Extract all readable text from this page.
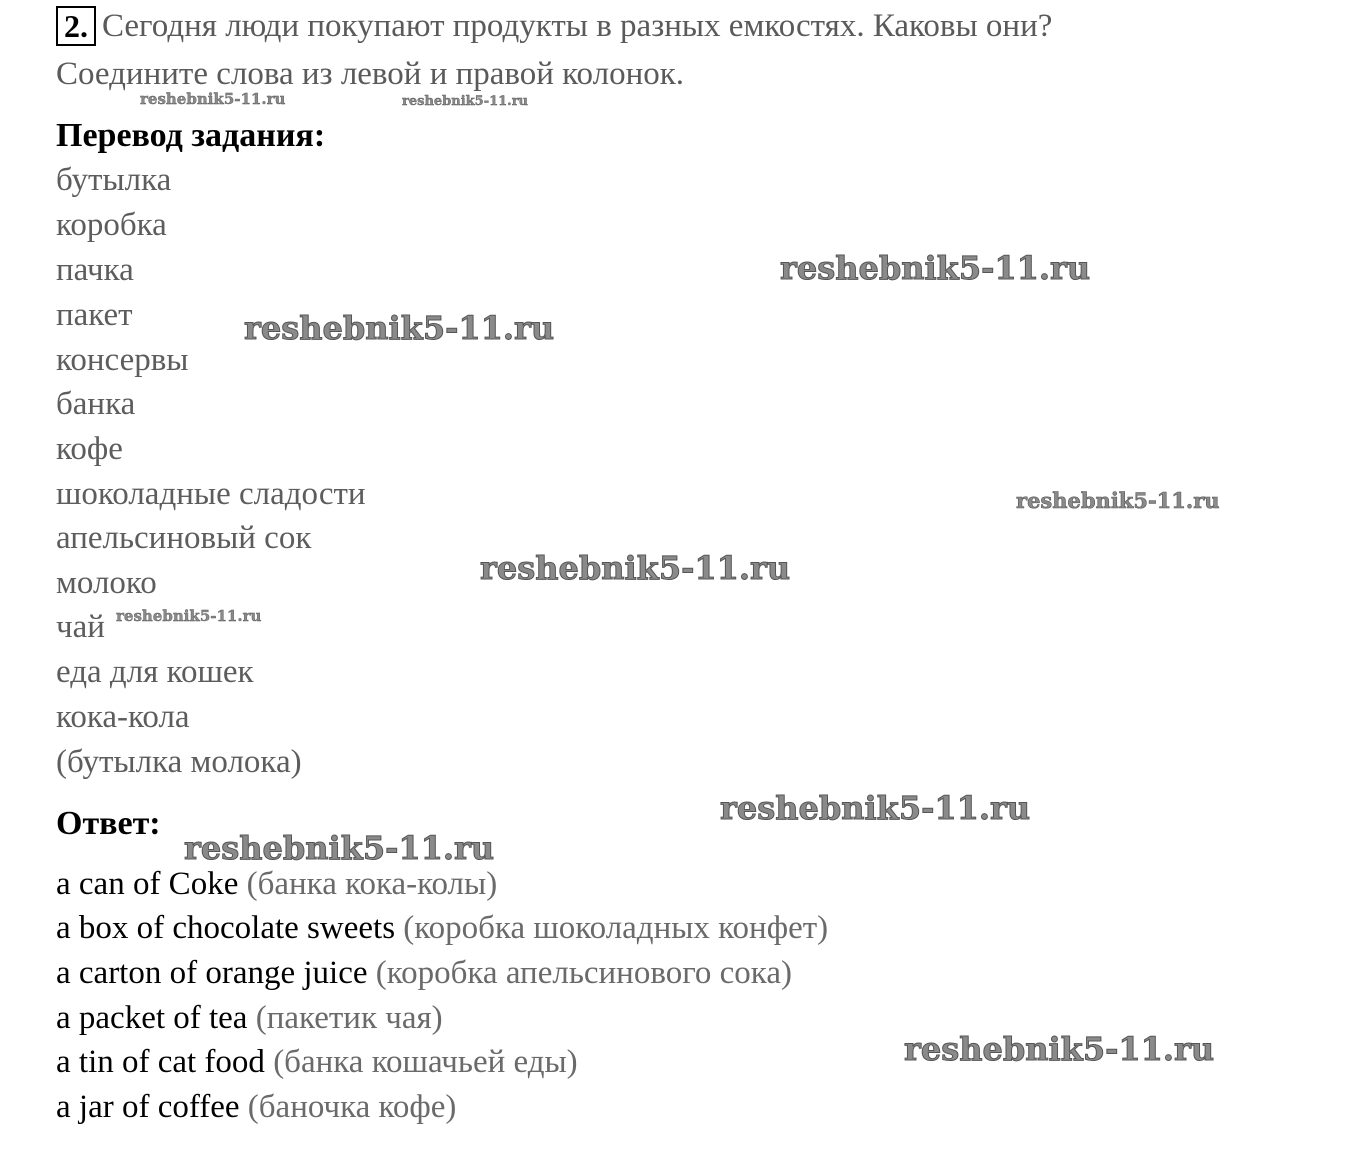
2. Сегодня люди покупают продукты в разных емкостях. Каковы они?
Соедините слова из левой и правой колонок.
Перевод задания:
бутылка
коробка
пачка
пакет
консервы
банка
кофе
шоколадные сладости
апельсиновый сок
молоко
чай
еда для кошек
кока-кола
(бутылка молока)
Ответ:
a can of Coke (банка кока-колы)
a box of chocolate sweets (коробка шоколадных конфет)
a carton of orange juice (коробка апельсинового сока)
a packet of tea (пакетик чая)
a tin of cat food (банка кошачьей еды)
a jar of coffee (баночка кофе)
reshebnik5-11.ru	reshebnik5-11.ru
reshebnik5-11.ru
reshebnik5-11.ru
reshebnik5-11.ru
reshebnik5-11.ru
reshebnik5-11.ru
reshebnik5-11.ru
reshebnik5-11.ru
reshebnik5-11.ru
